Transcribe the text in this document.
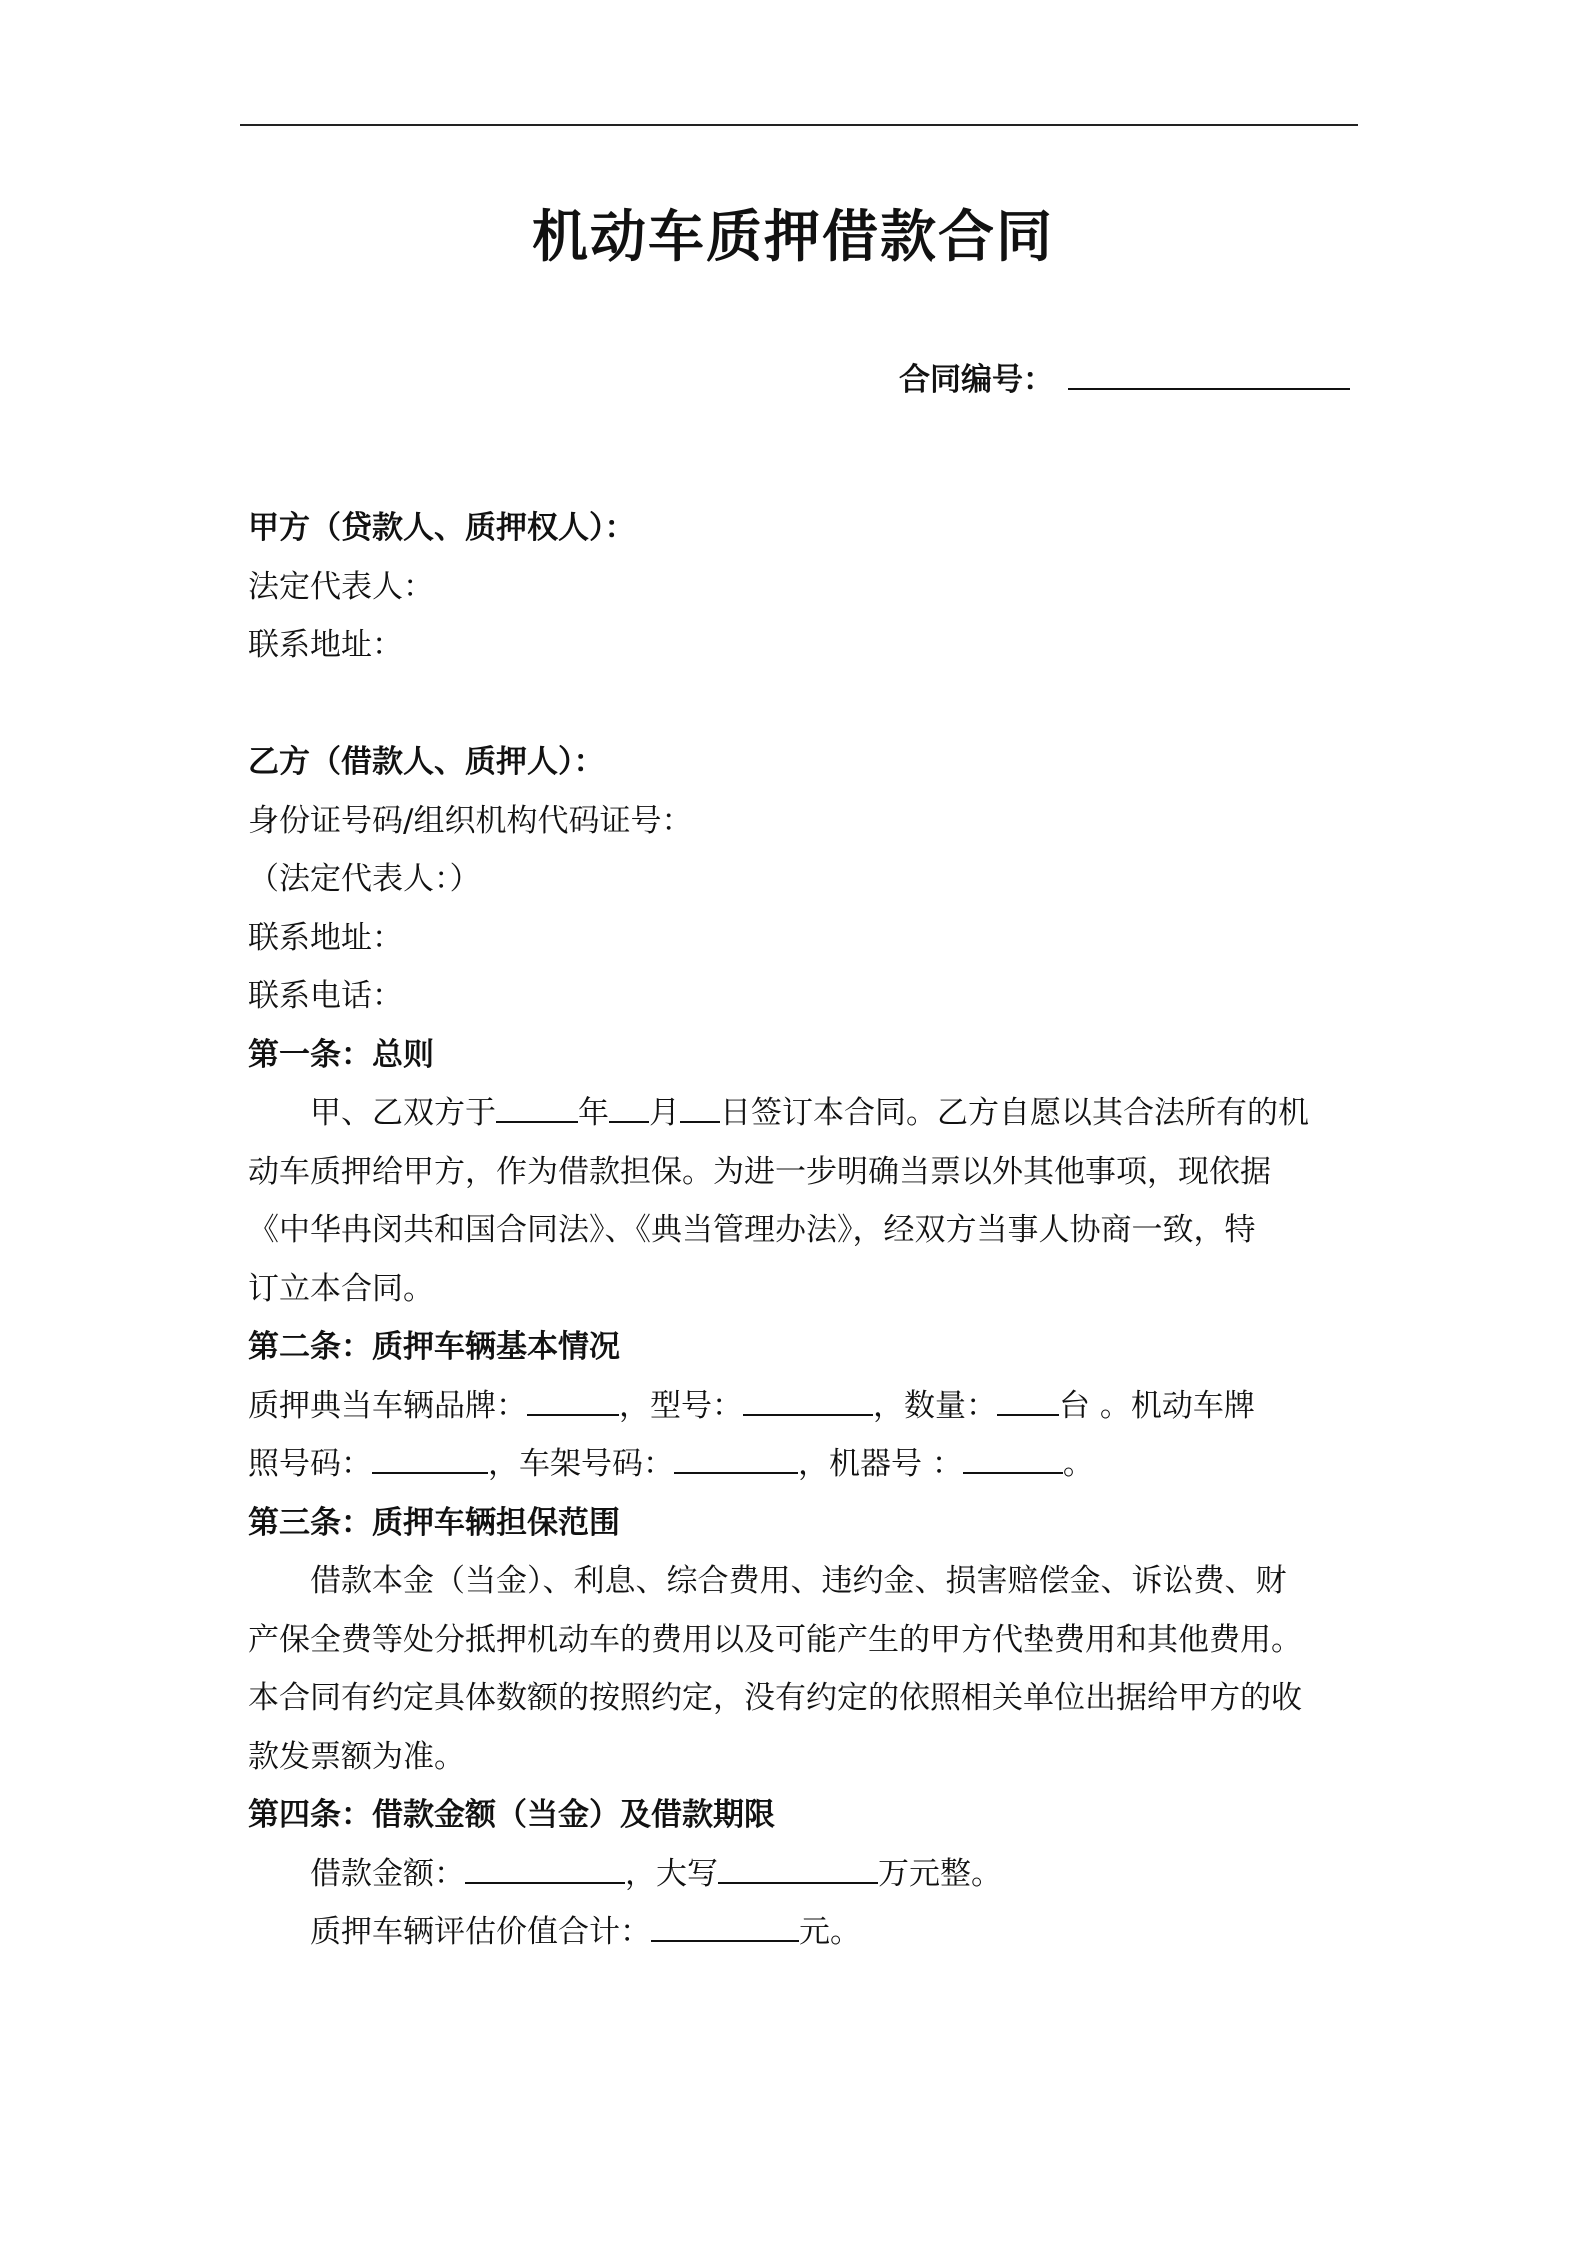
机动车质押借款合同
合同编号：
甲方（贷款人、质押权人）：
法定代表人：
联系地址：
乙方（借款人、质押人）：
身份证号码/组织机构代码证号：
（法定代表人：）
联系地址：
联系电话：
第一条：总则
甲、乙双方于	年 月 日签订本合同。乙方自愿以其合法所有的机
动车质押给甲方，作为借款担保。为进一步明确当票以外其他事项，现依据
《中华冉闵共和国合同法》、《典当管理办法》，经双方当事人协商一致，特
订立本合同。
第二条：质押车辆基本情况
质押典当车辆品牌：	，型号：	，数量： 台 。机动车牌
照号码：	，车架号码：	，机器号 ：	。
第三条：质押车辆担保范围
借款本金（当金）、利息、综合费用、违约金、损害赔偿金、诉讼费、财
产保全费等处分抵押机动车的费用以及可能产生的甲方代垫费用和其他费用。
本合同有约定具体数额的按照约定，没有约定的依照相关单位出据给甲方的收
款发票额为准。
第四条：借款金额（当金）及借款期限
借款金额：	，大写	万元整。
质押车辆评估价值合计：	元。
